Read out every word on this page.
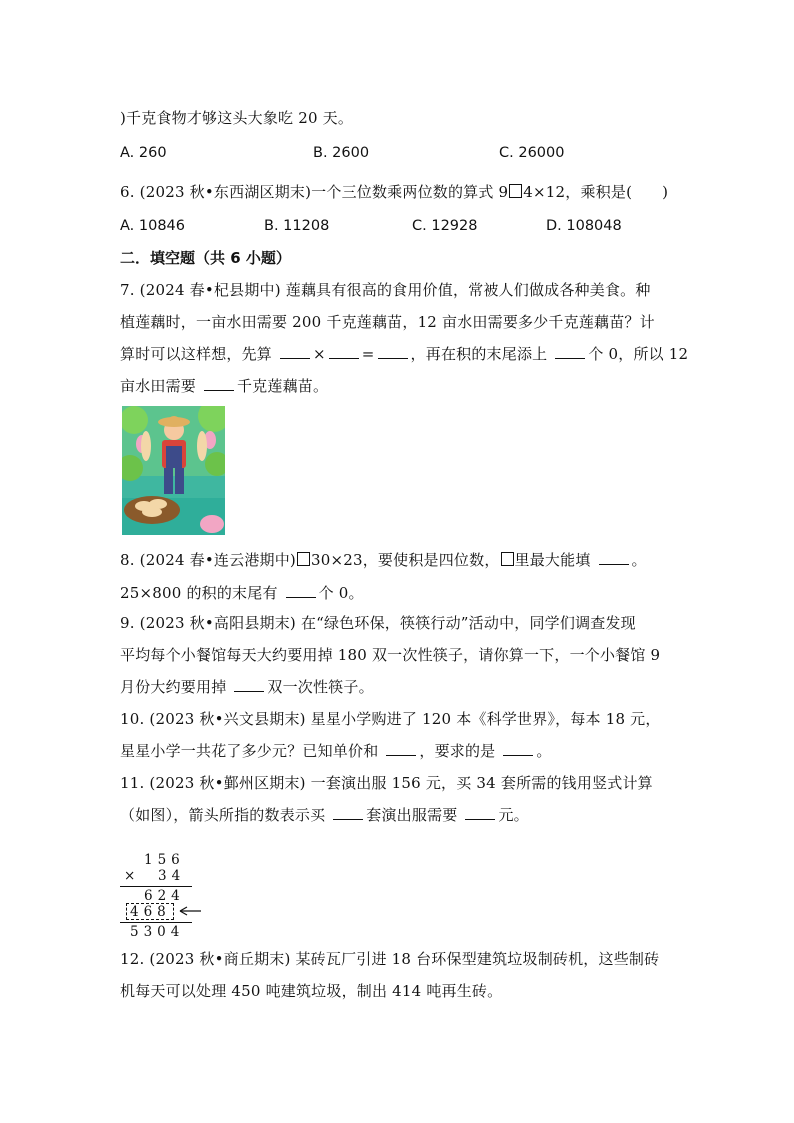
)千克食物才够这头大象吃 20 天。
A. 260	B. 2600	C. 26000
6. (2023 秋•东西湖区期末)一个三位数乘两位数的算式 9 4×12，乘积是( )
A. 10846	B. 11208	C. 12928	D. 108048
二．填空题（共 6 小题）
7. (2024 春•杞县期中) 莲藕具有很高的食用价值，常被人们做成各种美食。种
植莲藕时，一亩水田需要 200 千克莲藕苗，12 亩水田需要多少千克莲藕苗？计
算时可以这样想，先算	× = ，再在积的末尾添上	个 0，所以 12
亩水田需要	千克莲藕苗。
8. (2024 春•连云港期中) 30×23，要使积是四位数， 里最大能填	。
25×800 的积的末尾有	个 0。
9. (2023 秋•高阳县期末) 在“绿色环保，筷筷行动”活动中，同学们调查发现
平均每个小餐馆每天大约要用掉 180 双一次性筷子，请你算一下，一个小餐馆 9
月份大约要用掉	双一次性筷子。
10. (2023 秋•兴文县期末) 星星小学购进了 120 本《科学世界》，每本 18 元，
星星小学一共花了多少元？已知单价和	，要求的是	。
11. (2023 秋•鄞州区期末) 一套演出服 156 元，买 34 套所需的钱用竖式计算
（如图），箭头所指的数表示买	套演出服需要	元。
156
× 34
624
468
5304
12. (2023 秋•商丘期末) 某砖瓦厂引进 18 台环保型建筑垃圾制砖机，这些制砖
机每天可以处理 450 吨建筑垃圾，制出 414 吨再生砖。
